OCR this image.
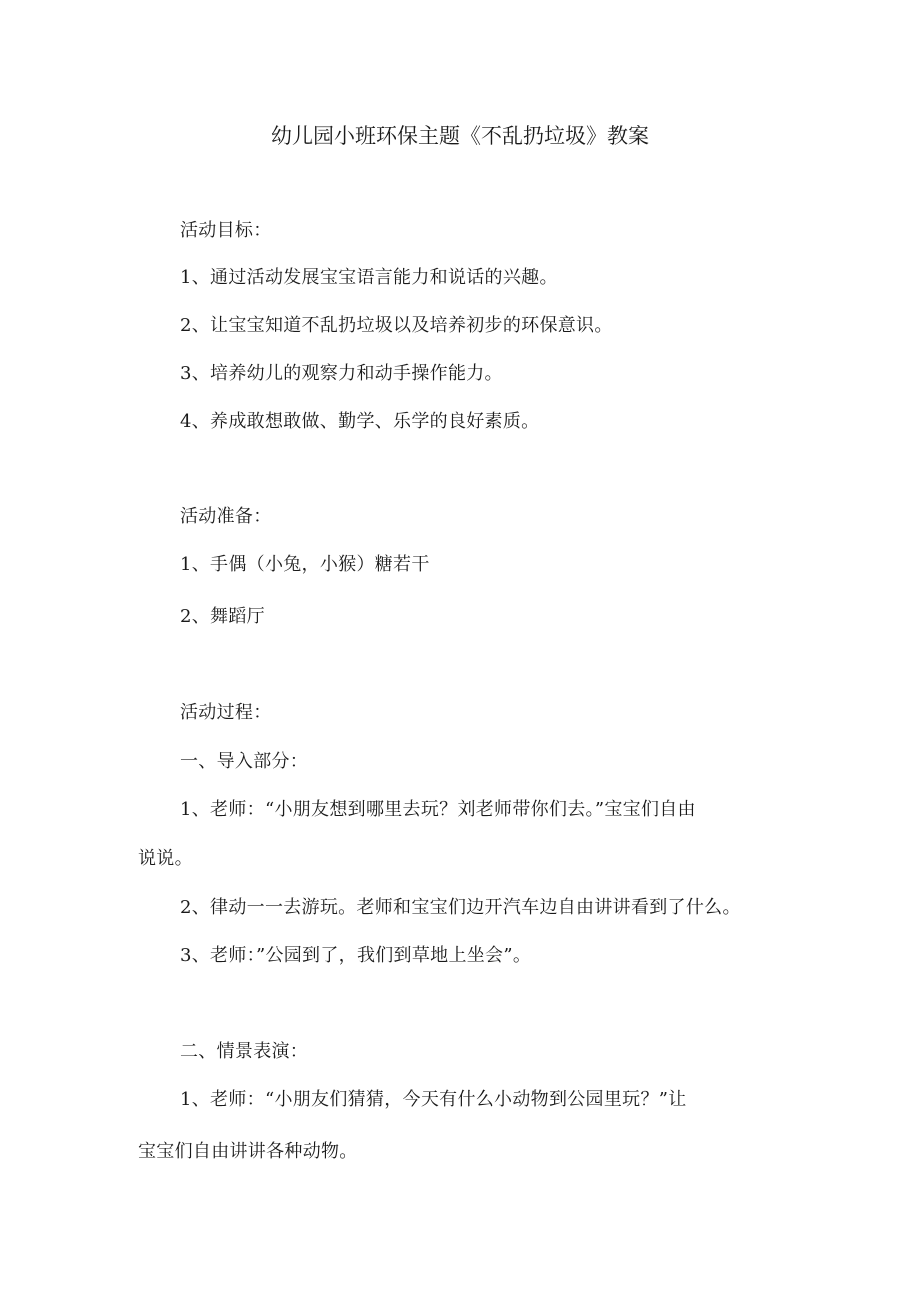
幼儿园小班环保主题《不乱扔垃圾》教案
活动目标：
1、通过活动发展宝宝语言能力和说话的兴趣。
2、让宝宝知道不乱扔垃圾以及培养初步的环保意识。
3、培养幼儿的观察力和动手操作能力。
4、养成敢想敢做、勤学、乐学的良好素质。
活动准备：
1、手偶（小兔，小猴）糖若干
2、舞蹈厅
活动过程：
一、导入部分：
1、老师：“小朋友想到哪里去玩？刘老师带你们去。”宝宝们自由
说说。
2、律动一一去游玩。老师和宝宝们边开汽车边自由讲讲看到了什么。
3、老师：”公园到了，我们到草地上坐会”。
二、情景表演：
1、老师：“小朋友们猜猜，今天有什么小动物到公园里玩？”让
宝宝们自由讲讲各种动物。
